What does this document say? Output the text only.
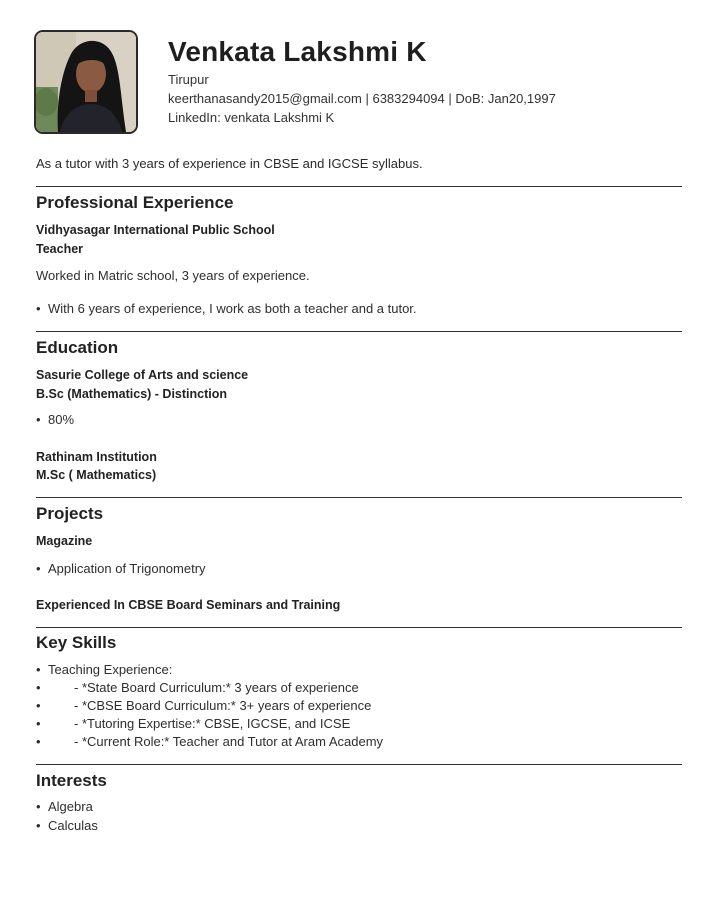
Venkata Lakshmi K
Tirupur
keerthanasandy2015@gmail.com | 6383294094 | DoB: Jan20,1997
LinkedIn: venkata Lakshmi K
As a tutor with 3 years of experience in CBSE and IGCSE syllabus.
Professional Experience
Vidhyasagar International Public School
Teacher
Worked in Matric school, 3 years of experience.
• With 6 years of experience, I work as both a teacher and a tutor.
Education
Sasurie College of Arts and science
B.Sc (Mathematics) - Distinction
• 80%
Rathinam Institution
M.Sc ( Mathematics)
Projects
Magazine
• Application of Trigonometry
Experienced In CBSE Board Seminars and Training
Key Skills
• Teaching Experience:
•	- *State Board Curriculum:* 3 years of experience
•	- *CBSE Board Curriculum:* 3+ years of experience
•	- *Tutoring Expertise:* CBSE, IGCSE, and ICSE
•	- *Current Role:* Teacher and Tutor at Aram Academy
Interests
• Algebra
• Calculas
